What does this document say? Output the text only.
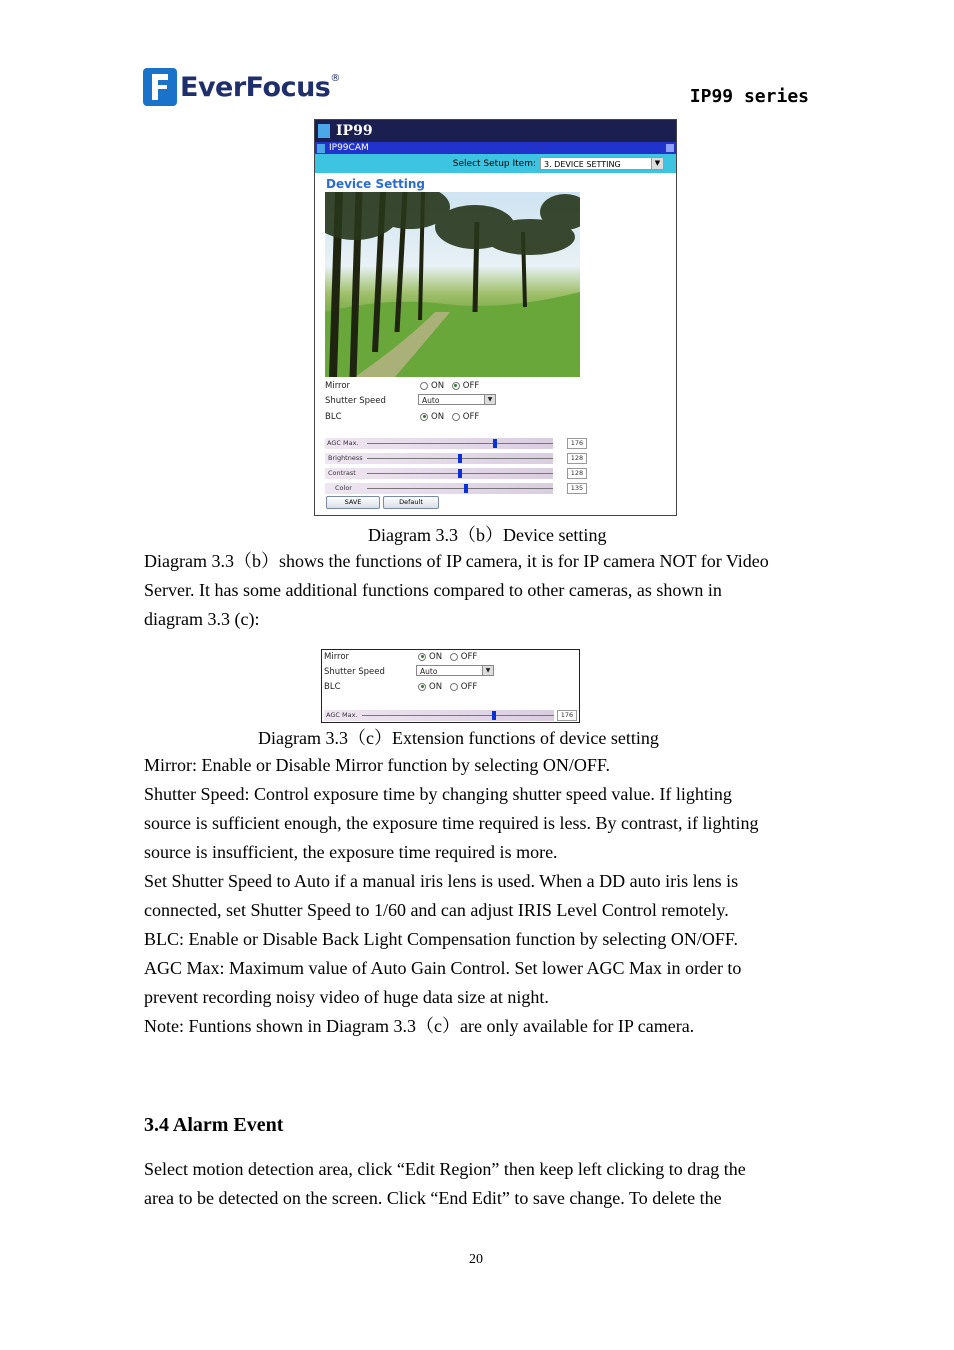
EverFocus ®
IP99 series
IP99
IP99CAM
Select Setup Item:	3. DEVICE SETTING	▼
Device Setting
Mirror	ON OFF
Shutter Speed	Auto	▼
BLC	ON OFF
AGC Max.	176
Brightness	128
Contrast	128
Color	135
SAVE	Default
Diagram 3.3（b）Device setting
Diagram 3.3（b）shows the functions of IP camera, it is for IP camera NOT for Video
Server. It has some additional functions compared to other cameras, as shown in
diagram 3.3 (c):
Mirror	ON OFF
Shutter Speed	Auto	▼
BLC	ON OFF
AGC Max.	176
Diagram 3.3（c）Extension functions of device setting
Mirror: Enable or Disable Mirror function by selecting ON/OFF.
Shutter Speed: Control exposure time by changing shutter speed value. If lighting
source is sufficient enough, the exposure time required is less. By contrast, if lighting
source is insufficient, the exposure time required is more.
Set Shutter Speed to Auto if a manual iris lens is used. When a DD auto iris lens is
connected, set Shutter Speed to 1/60 and can adjust IRIS Level Control remotely.
BLC: Enable or Disable Back Light Compensation function by selecting ON/OFF.
AGC Max: Maximum value of Auto Gain Control. Set lower AGC Max in order to
prevent recording noisy video of huge data size at night.
Note: Funtions shown in Diagram 3.3（c）are only available for IP camera.
3.4 Alarm Event
Select motion detection area, click “Edit Region” then keep left clicking to drag the
area to be detected on the screen. Click “End Edit” to save change. To delete the
20
